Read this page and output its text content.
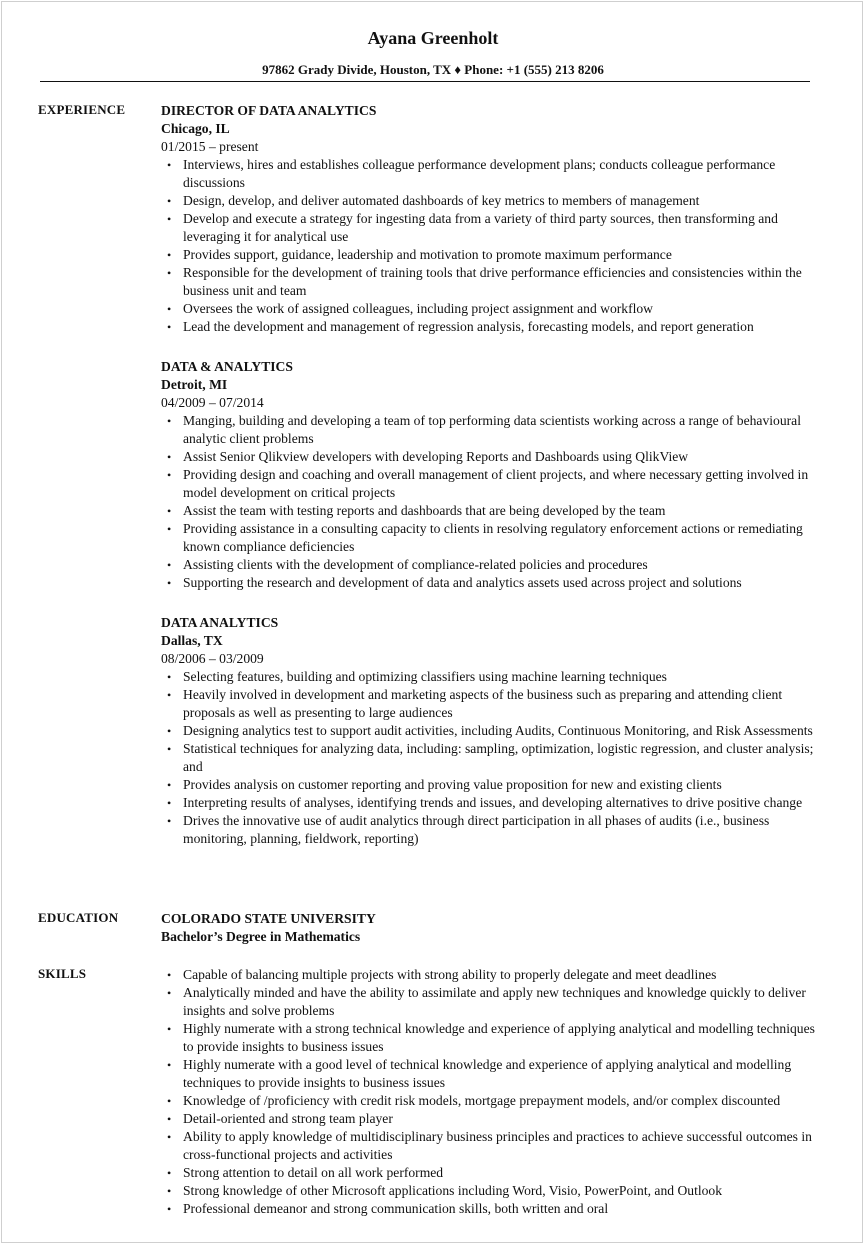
Ayana Greenholt
97862 Grady Divide, Houston, TX ♦ Phone: +1 (555) 213 8206
EXPERIENCE	DIRECTOR OF DATA ANALYTICS
Chicago, IL
01/2015 – present
• Interviews, hires and establishes colleague performance development plans; conducts colleague performance discussions
• Design, develop, and deliver automated dashboards of key metrics to members of management
• Develop and execute a strategy for ingesting data from a variety of third party sources, then transforming and leveraging it for analytical use
• Provides support, guidance, leadership and motivation to promote maximum performance
• Responsible for the development of training tools that drive performance efficiencies and consistencies within the business unit and team
• Oversees the work of assigned colleagues, including project assignment and workflow
• Lead the development and management of regression analysis, forecasting models, and report generation
DATA & ANALYTICS
Detroit, MI
04/2009 – 07/2014
• Manging, building and developing a team of top performing data scientists working across a range of behavioural analytic client problems
• Assist Senior Qlikview developers with developing Reports and Dashboards using QlikView
• Providing design and coaching and overall management of client projects, and where necessary getting involved in model development on critical projects
• Assist the team with testing reports and dashboards that are being developed by the team
• Providing assistance in a consulting capacity to clients in resolving regulatory enforcement actions or remediating known compliance deficiencies
• Assisting clients with the development of compliance-related policies and procedures
• Supporting the research and development of data and analytics assets used across project and solutions
DATA ANALYTICS
Dallas, TX
08/2006 – 03/2009
• Selecting features, building and optimizing classifiers using machine learning techniques
• Heavily involved in development and marketing aspects of the business such as preparing and attending client proposals as well as presenting to large audiences
• Designing analytics test to support audit activities, including Audits, Continuous Monitoring, and Risk Assessments
• Statistical techniques for analyzing data, including: sampling, optimization, logistic regression, and cluster analysis; and
• Provides analysis on customer reporting and proving value proposition for new and existing clients
• Interpreting results of analyses, identifying trends and issues, and developing alternatives to drive positive change
• Drives the innovative use of audit analytics through direct participation in all phases of audits (i.e., business monitoring, planning, fieldwork, reporting)
EDUCATION	COLORADO STATE UNIVERSITY
Bachelor’s Degree in Mathematics
SKILLS	• Capable of balancing multiple projects with strong ability to properly delegate and meet deadlines
• Analytically minded and have the ability to assimilate and apply new techniques and knowledge quickly to deliver insights and solve problems
• Highly numerate with a strong technical knowledge and experience of applying analytical and modelling techniques to provide insights to business issues
• Highly numerate with a good level of technical knowledge and experience of applying analytical and modelling techniques to provide insights to business issues
• Knowledge of /proficiency with credit risk models, mortgage prepayment models, and/or complex discounted
• Detail-oriented and strong team player
• Ability to apply knowledge of multidisciplinary business principles and practices to achieve successful outcomes in cross-functional projects and activities
• Strong attention to detail on all work performed
• Strong knowledge of other Microsoft applications including Word, Visio, PowerPoint, and Outlook
• Professional demeanor and strong communication skills, both written and oral
